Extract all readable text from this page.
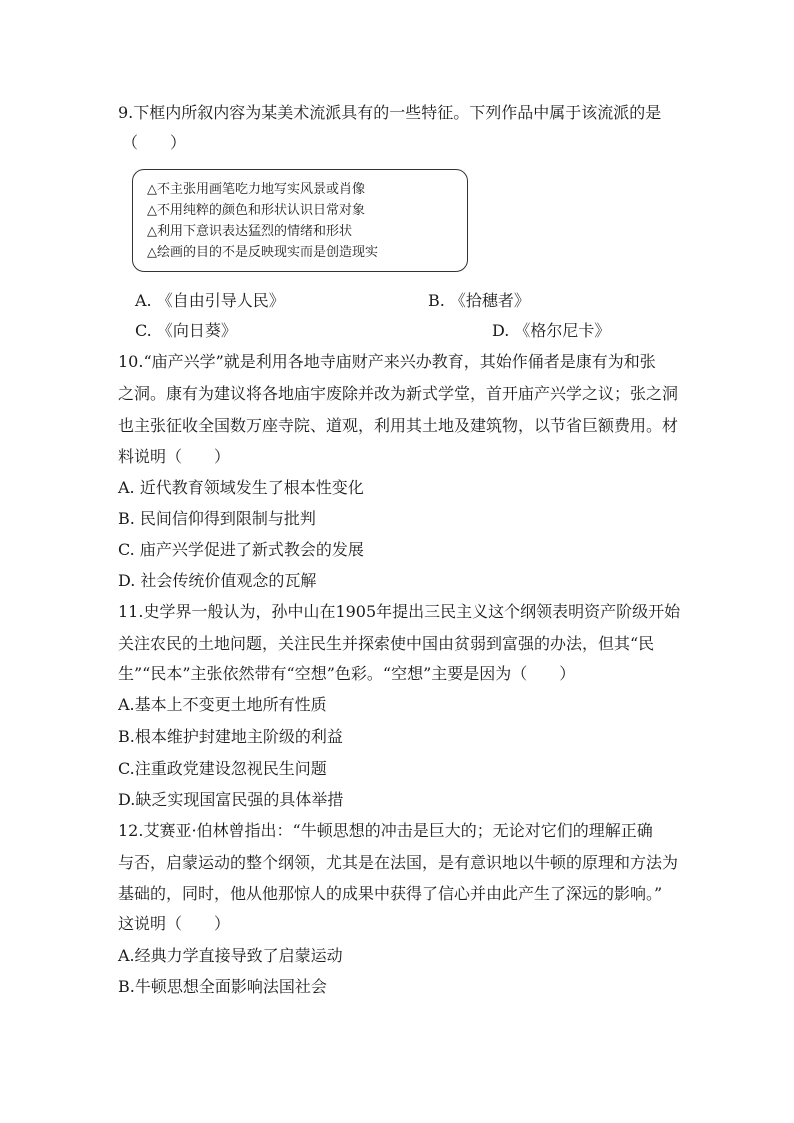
9.下框内所叙内容为某美术流派具有的一些特征。下列作品中属于该流派的是
（　　）
△不主张用画笔吃力地写实风景或肖像
△不用纯粹的颜色和形状认识日常对象
△利用下意识表达猛烈的情绪和形状
△绘画的目的不是反映现实而是创造现实
A. 《自由引导人民》	B. 《拾穗者》
C. 《向日葵》	D. 《格尔尼卡》
10.“庙产兴学”就是利用各地寺庙财产来兴办教育，其始作俑者是康有为和张
之洞。康有为建议将各地庙宇废除并改为新式学堂，首开庙产兴学之议；张之洞
也主张征收全国数万座寺院、道观，利用其土地及建筑物，以节省巨额费用。材
料说明（　　）
A. 近代教育领域发生了根本性变化
B. 民间信仰得到限制与批判
C. 庙产兴学促进了新式教会的发展
D. 社会传统价值观念的瓦解
11.史学界一般认为，孙中山在1905年提出三民主义这个纲领表明资产阶级开始
关注农民的土地问题，关注民生并探索使中国由贫弱到富强的办法，但其“民
生”“民本”主张依然带有“空想”色彩。“空想”主要是因为（　　）
A.基本上不变更土地所有性质
B.根本维护封建地主阶级的利益
C.注重政党建设忽视民生问题
D.缺乏实现国富民强的具体举措
12.艾赛亚·伯林曾指出：“牛顿思想的冲击是巨大的；无论对它们的理解正确
与否，启蒙运动的整个纲领，尤其是在法国，是有意识地以牛顿的原理和方法为
基础的，同时，他从他那惊人的成果中获得了信心并由此产生了深远的影响。”
这说明（　　）
A.经典力学直接导致了启蒙运动
B.牛顿思想全面影响法国社会
